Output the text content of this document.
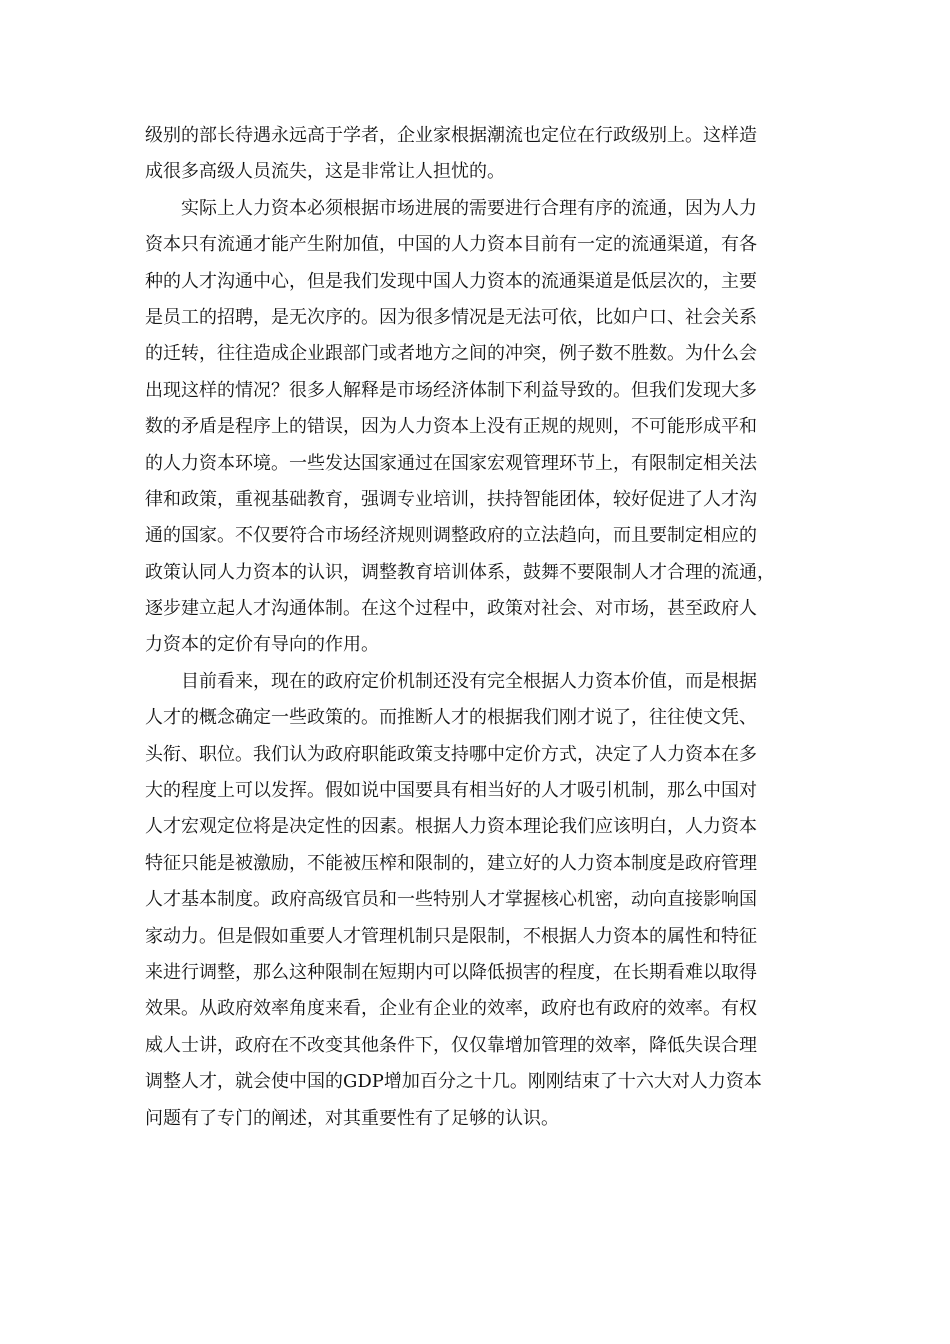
级别的部长待遇永远高于学者，企业家根据潮流也定位在行政级别上。这样造
成很多高级人员流失，这是非常让人担忧的。
实际上人力资本必须根据市场进展的需要进行合理有序的流通，因为人力
资本只有流通才能产生附加值，中国的人力资本目前有一定的流通渠道，有各
种的人才沟通中心，但是我们发现中国人力资本的流通渠道是低层次的，主要
是员工的招聘，是无次序的。因为很多情况是无法可依，比如户口、社会关系
的迁转，往往造成企业跟部门或者地方之间的冲突，例子数不胜数。为什么会
出现这样的情况？很多人解释是市场经济体制下利益导致的。但我们发现大多
数的矛盾是程序上的错误，因为人力资本上没有正规的规则，不可能形成平和
的人力资本环境。一些发达国家通过在国家宏观管理环节上，有限制定相关法
律和政策，重视基础教育，强调专业培训，扶持智能团体，较好促进了人才沟
通的国家。不仅要符合市场经济规则调整政府的立法趋向，而且要制定相应的
政策认同人力资本的认识，调整教育培训体系，鼓舞不要限制人才合理的流通，
逐步建立起人才沟通体制。在这个过程中，政策对社会、对市场，甚至政府人
力资本的定价有导向的作用。
目前看来，现在的政府定价机制还没有完全根据人力资本价值，而是根据
人才的概念确定一些政策的。而推断人才的根据我们刚才说了，往往使文凭、
头衔、职位。我们认为政府职能政策支持哪中定价方式，决定了人力资本在多
大的程度上可以发挥。假如说中国要具有相当好的人才吸引机制，那么中国对
人才宏观定位将是决定性的因素。根据人力资本理论我们应该明白，人力资本
特征只能是被激励，不能被压榨和限制的，建立好的人力资本制度是政府管理
人才基本制度。政府高级官员和一些特别人才掌握核心机密，动向直接影响国
家动力。但是假如重要人才管理机制只是限制，不根据人力资本的属性和特征
来进行调整，那么这种限制在短期内可以降低损害的程度，在长期看难以取得
效果。从政府效率角度来看，企业有企业的效率，政府也有政府的效率。有权
威人士讲，政府在不改变其他条件下，仅仅靠增加管理的效率，降低失误合理
调整人才，就会使中国的GDP增加百分之十几。刚刚结束了十六大对人力资本
问题有了专门的阐述，对其重要性有了足够的认识。
